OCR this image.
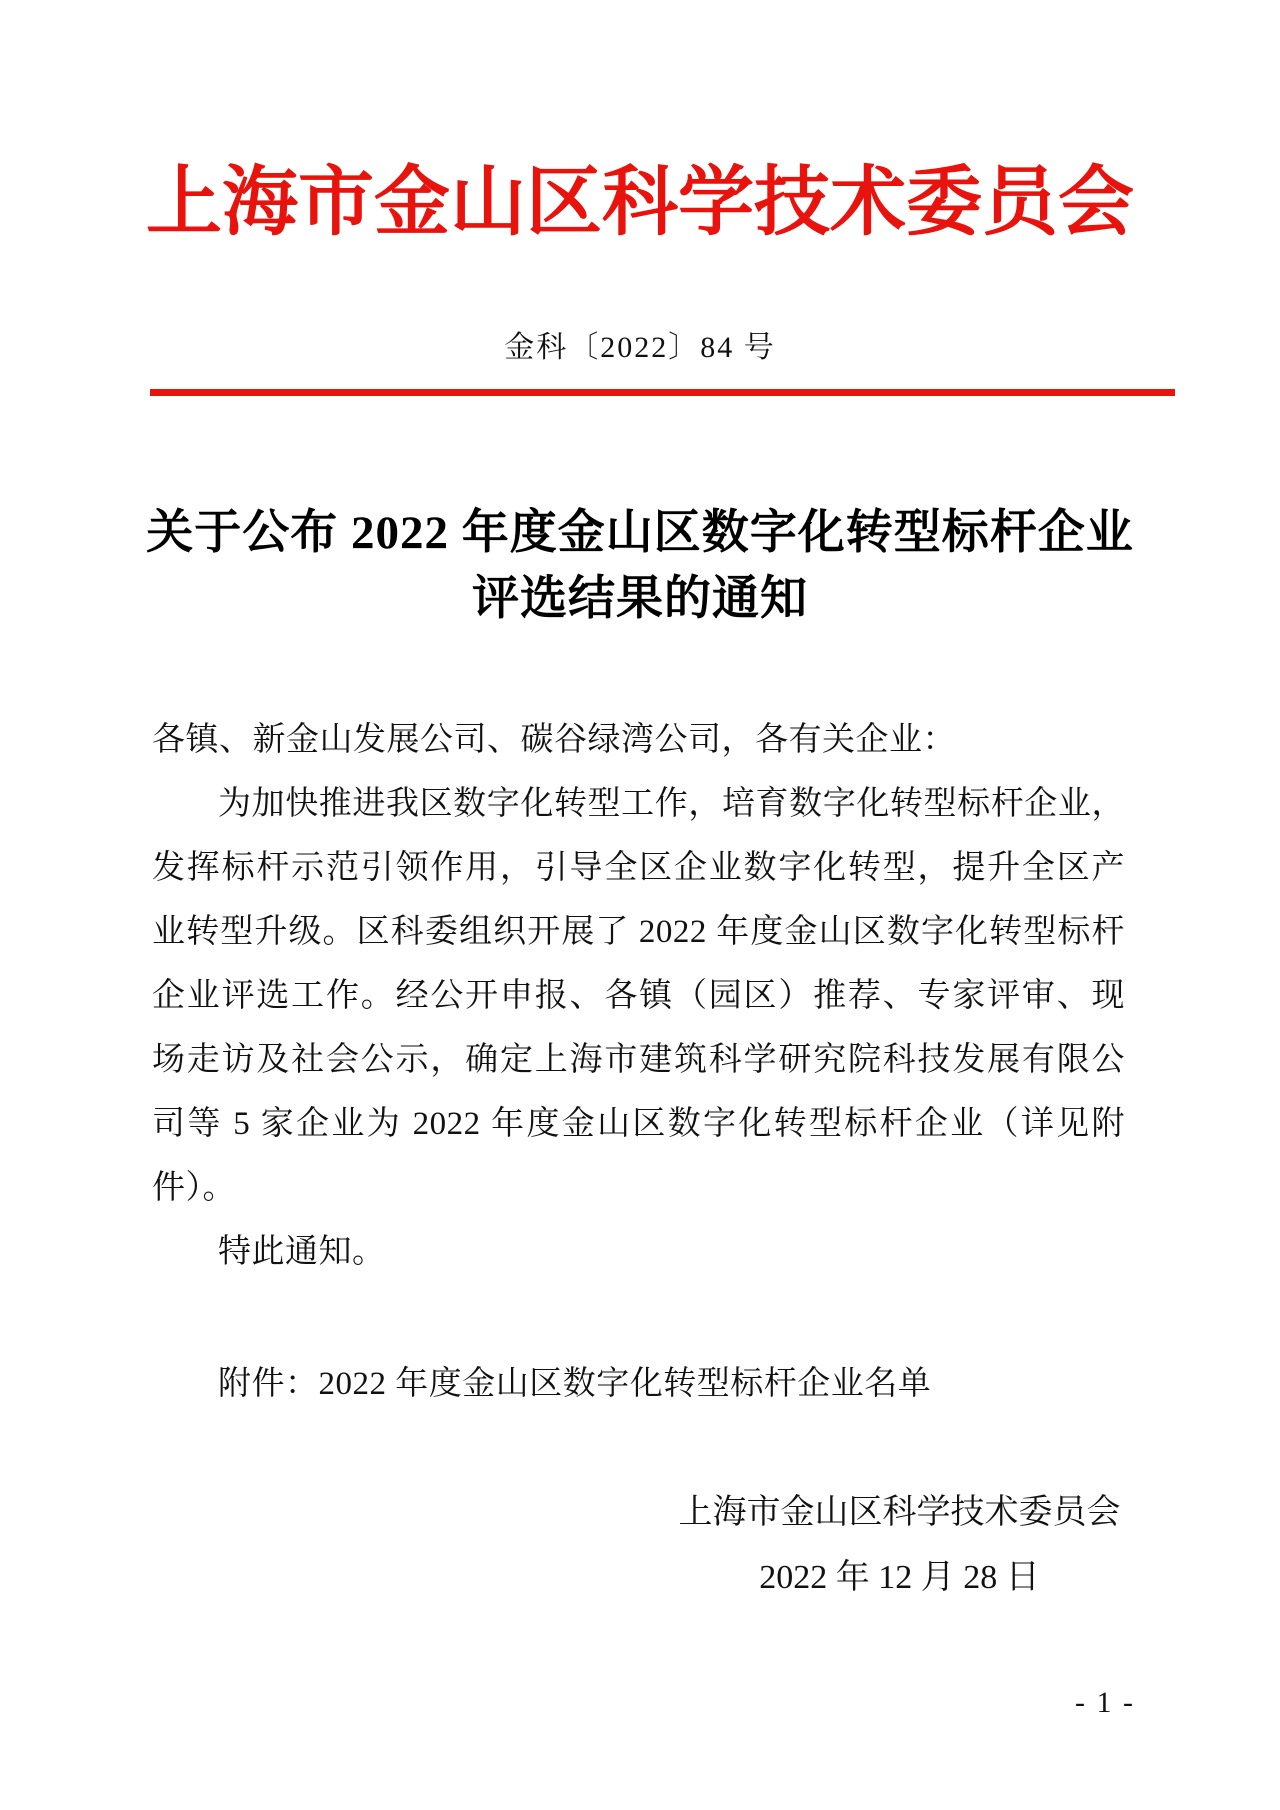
上海市金山区科学技术委员会
金科〔2022〕84 号
关于公布 2022 年度金山区数字化转型标杆企业
评选结果的通知
各镇、新金山发展公司、碳谷绿湾公司，各有关企业：
为加快推进我区数字化转型工作，培育数字化转型标杆企业，
发挥标杆示范引领作用，引导全区企业数字化转型，提升全区产
业转型升级。区科委组织开展了 2022 年度金山区数字化转型标杆
企业评选工作。经公开申报、各镇（园区）推荐、专家评审、现
场走访及社会公示，确定上海市建筑科学研究院科技发展有限公
司等 5 家企业为 2022 年度金山区数字化转型标杆企业（详见附
件）。
特此通知。
附件：2022 年度金山区数字化转型标杆企业名单
上海市金山区科学技术委员会
2022 年 12 月 28 日
- 1 -
